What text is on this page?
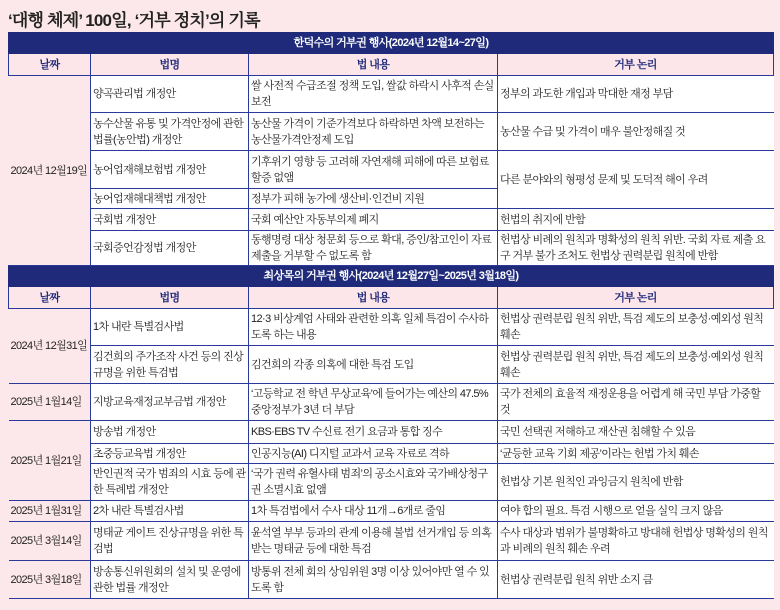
‘대행 체제’ 100일, ‘거부 정치’의 기록
한덕수의 거부권 행사(2024년 12월14~27일)			
날짜	법명	법 내용	거부 논리
2024년 12월19일	양곡관리법 개정안	쌀 사전적 수급조절 정책 도입, 쌀값 하락시 사후적 손실보전	정부의 과도한 개입과 막대한 재정 부담
	농수산물 유통 및 가격안정에 관한 법률(농안법) 개정안	농산물 가격이 기준가격보다 하락하면 차액 보전하는 농산물가격안정제 도입	농산물 수급 및 가격이 매우 불안정해질 것
	농어업재해보험법 개정안	기후위기 영향 등 고려해 자연재해 피해에 따른 보험료 할증 없앰	다른 분야와의 형평성 문제 및 도덕적 해이 우려
	농어업재해대책법 개정안	정부가 피해 농가에 생산비·인건비 지원	
	국회법 개정안	국회 예산안 자동부의제 폐지	헌법의 취지에 반함
	국회증언감정법 개정안	동행명령 대상 청문회 등으로 확대, 증인/참고인이 자료 제출을 거부할 수 없도록 함	헌법상 비례의 원칙과 명확성의 원칙 위반. 국회 자료 제출 요구 거부 불가 조처도 헌법상 권력분립 원칙에 반함
최상목의 거부권 행사(2024년 12월27일~2025년 3월18일)			
날짜	법명	법 내용	거부 논리
2024년 12월31일	1차 내란 특별검사법	12·3 비상계엄 사태와 관련한 의혹 일체 특검이 수사하도록 하는 내용	헌법상 권력분립 원칙 위반, 특검 제도의 보충성·예외성 원칙 훼손
	김건희의 주가조작 사건 등의 진상규명을 위한 특검법	김건희의 각종 의혹에 대한 특검 도입	헌법상 권력분립 원칙 위반, 특검 제도의 보충성·예외성 원칙 훼손
2025년 1월14일	지방교육재정교부금법 개정안	‘고등학교 전 학년 무상교육’에 들어가는 예산의 47.5% 중앙정부가 3년 더 부담	국가 전체의 효율적 재정운용을 어렵게 해 국민 부담 가중할 것
2025년 1월21일	방송법 개정안	KBS·EBS TV 수신료 전기 요금과 통합 징수	국민 선택권 저해하고 재산권 침해할 수 있음
	초중등교육법 개정안	인공지능(AI) 디지털 교과서 교육 자료로 격하	‘균등한 교육 기회 제공’이라는 헌법 가치 훼손
	반인권적 국가 범죄의 시효 등에 관한 특례법 개정안	‘국가 권력 유혈사태 범죄’의 공소시효와 국가배상청구권 소멸시효 없앰	헌법상 기본 원칙인 과잉금지 원칙에 반함
2025년 1월31일	2차 내란 특별검사법	1차 특검법에서 수사 대상 11개→6개로 줄임	여야 합의 필요. 특검 시행으로 얻을 실익 크지 않음
2025년 3월14일	명태균 게이트 진상규명을 위한 특검법	윤석열 부부 등과의 관계 이용해 불법 선거개입 등 의혹 받는 명태균 등에 대한 특검	수사 대상과 범위가 불명확하고 방대해 헌법상 명확성의 원칙과 비례의 원칙 훼손 우려
2025년 3월18일	방송통신위원회의 설치 및 운영에 관한 법률 개정안	방통위 전체 회의 상임위원 3명 이상 있어야만 열 수 있도록 함	헌법상 권력분립 원칙 위반 소지 큼
